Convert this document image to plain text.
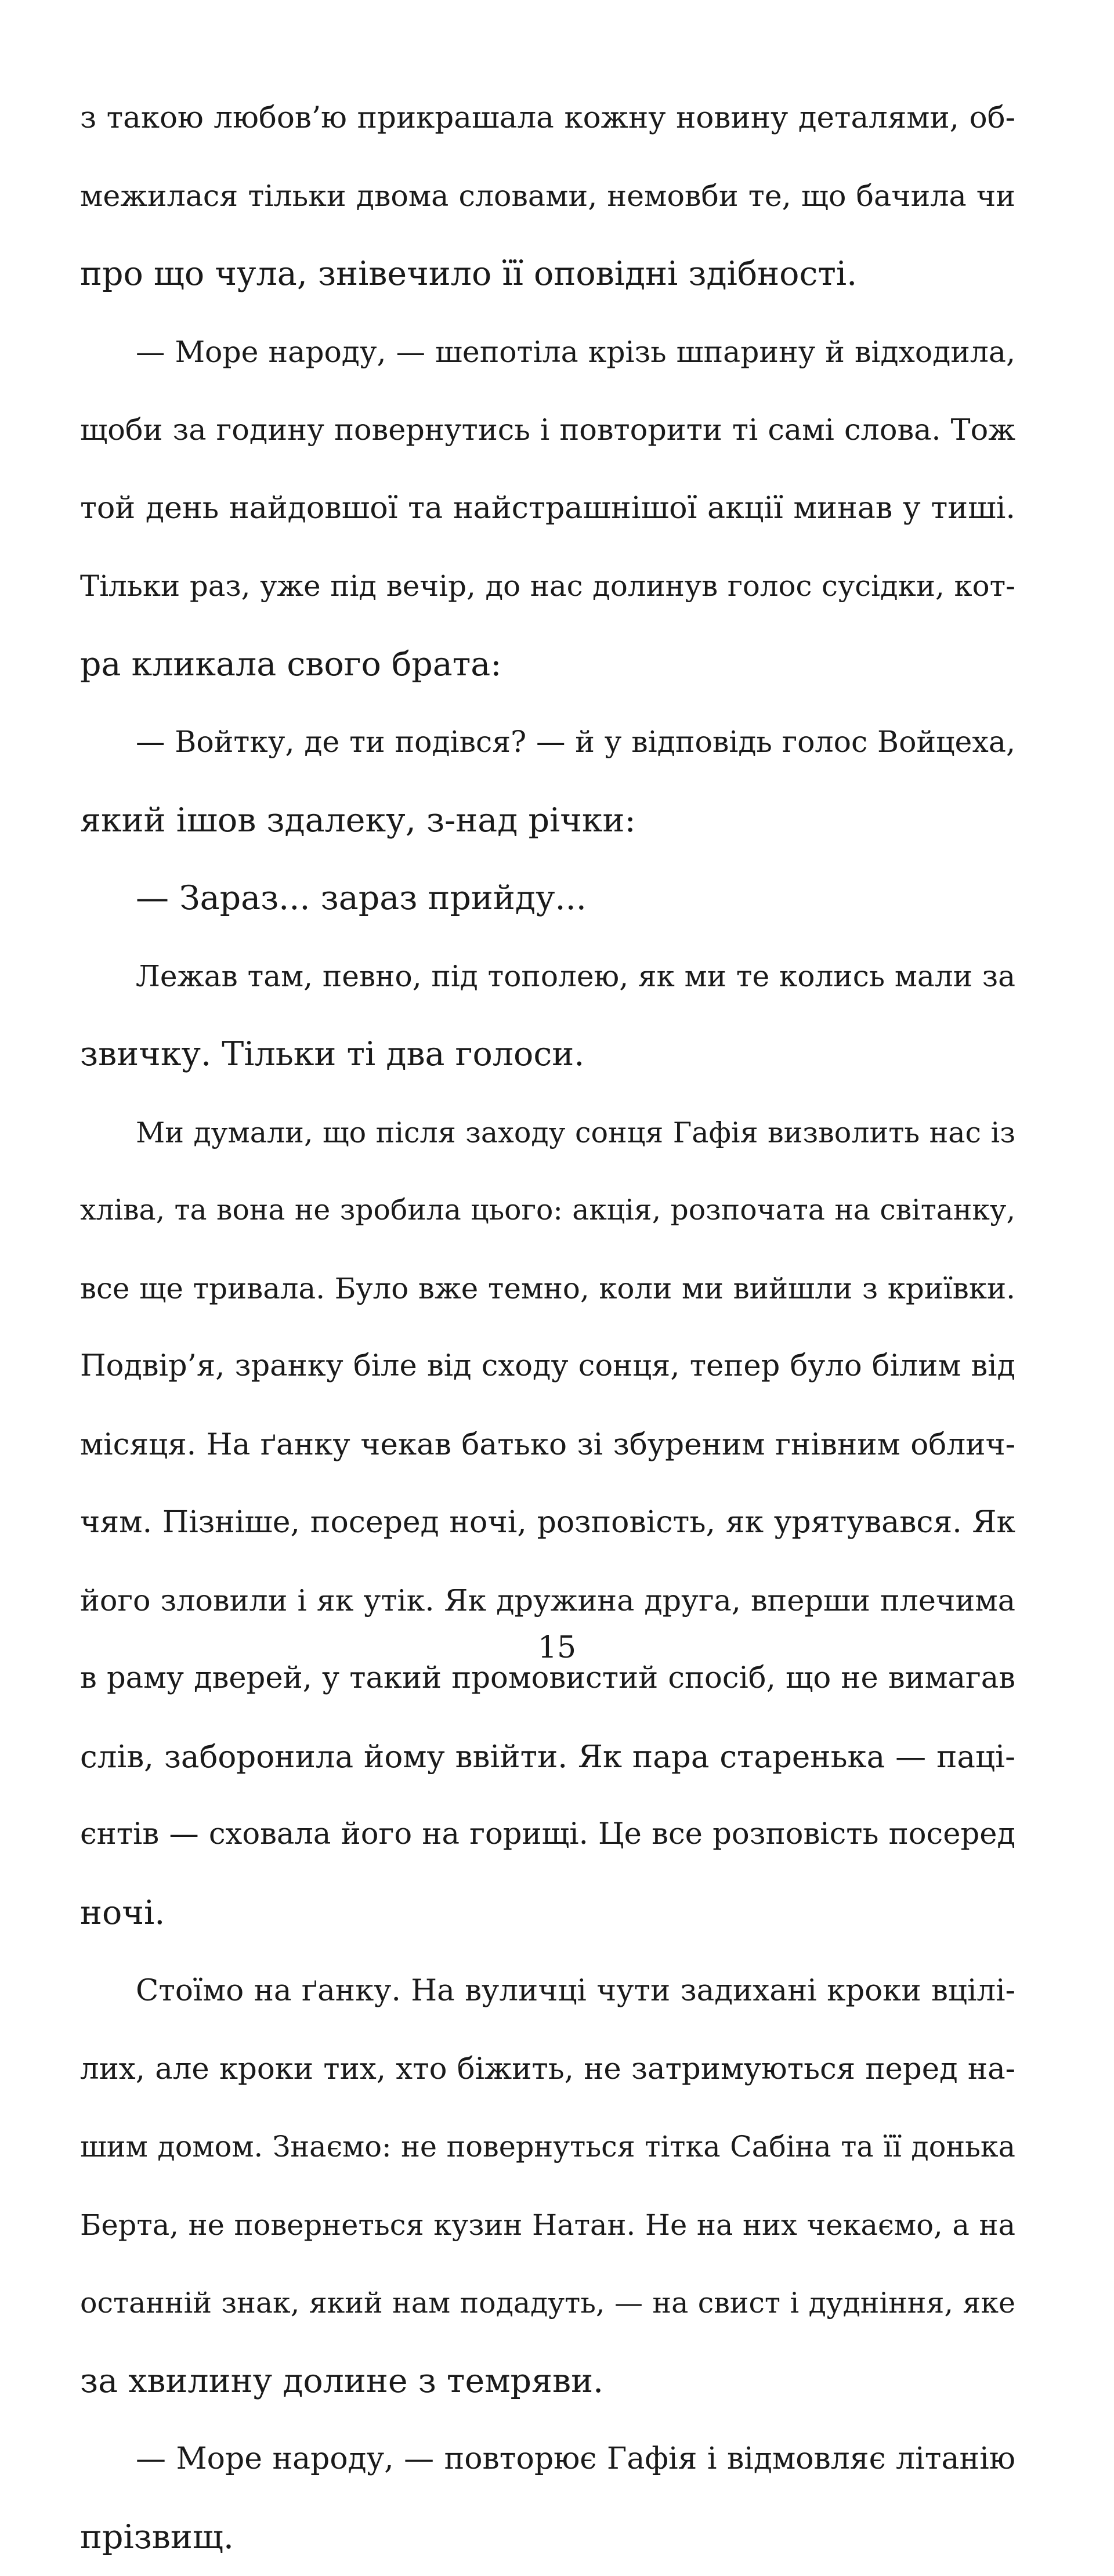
з такою любов’ю прикрашала кожну новину деталями, об-
межилася тільки двома словами, немовби те, що бачила чи
про що чула, знівечило її оповідні здібності.
— Море народу, — шепотіла крізь шпарину й відходила,
щоби за годину повернутись і повторити ті самі слова. Тож
той день найдовшої та найстрашнішої акції минав у тиші.
Тільки раз, уже під вечір, до нас долинув голос сусідки, кот-
ра кликала свого брата:
— Войтку, де ти подівся? — й у відповідь голос Войцеха,
який ішов здалеку, з-над річки:
— Зараз... зараз прийду...
Лежав там, певно, під тополею, як ми те колись мали за
звичку. Тільки ті два голоси.
Ми думали, що після заходу сонця Гафія визволить нас із
хліва, та вона не зробила цього: акція, розпочата на світанку,
все ще тривала. Було вже темно, коли ми вийшли з криївки.
Подвір’я, зранку біле від сходу сонця, тепер було білим від
місяця. На ґанку чекав батько зі збуреним гнівним облич-
чям. Пізніше, посеред ночі, розповість, як урятувався. Як
його зловили і як утік. Як дружина друга, вперши плечима
в раму дверей, у такий промовистий спосіб, що не вимагав
слів, заборонила йому ввійти. Як пара старенька — паці-
єнтів — сховала його на горищі. Це все розповість посеред
ночі.
Стоїмо на ґанку. На вуличці чути задихані кроки вцілі-
лих, але кроки тих, хто біжить, не затримуються перед на-
шим домом. Знаємо: не повернуться тітка Сабіна та її донька
Берта, не повернеться кузин Натан. Не на них чекаємо, а на
останній знак, який нам подадуть, — на свист і дудніння, яке
за хвилину долине з темряви.
— Море народу, — повторює Гафія і відмовляє літанію
прізвищ.
15
